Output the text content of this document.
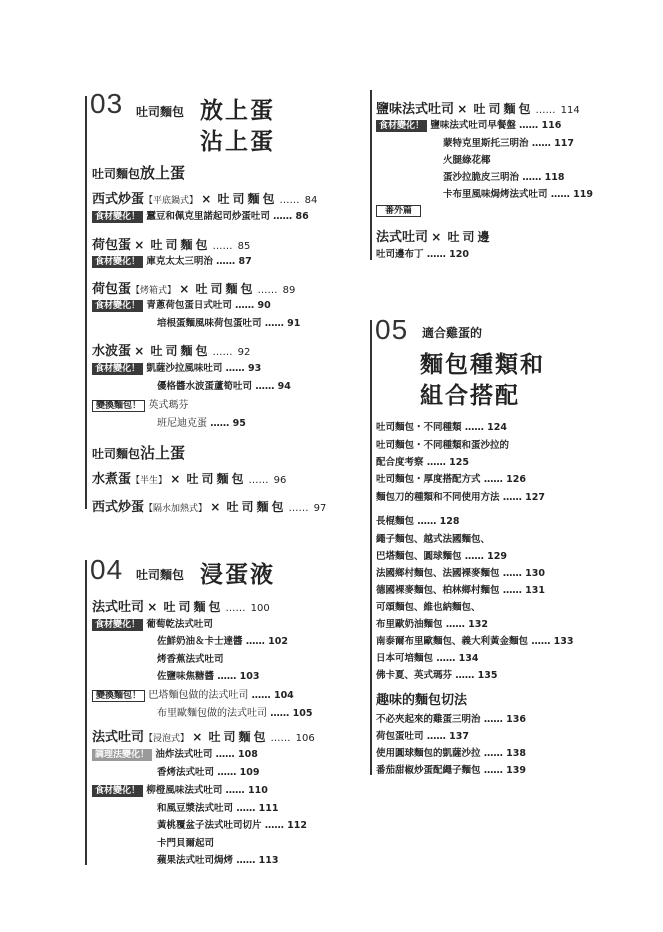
03 吐司麵包 放上蛋
沾上蛋
吐司麵包放上蛋
西式炒蛋【平底鍋式】 × 吐司麵包 …… 84
食材變化！ 蠶豆和佩克里諾起司炒蛋吐司 …… 86
荷包蛋 × 吐司麵包 …… 85
食材變化！ 庫克太太三明治 …… 87
荷包蛋【烤箱式】 × 吐司麵包 …… 89
食材變化！ 青蔥荷包蛋日式吐司 …… 90
培根蛋麵風味荷包蛋吐司 …… 91
水波蛋 × 吐司麵包 …… 92
食材變化！ 凱薩沙拉風味吐司 …… 93
優格醬水波蛋蘆筍吐司 …… 94
變換麵包！ 英式瑪芬
班尼迪克蛋 …… 95
吐司麵包沾上蛋
水煮蛋【半生】 × 吐司麵包 …… 96
西式炒蛋【隔水加熱式】 × 吐司麵包 …… 97
04 吐司麵包 浸蛋液
法式吐司 × 吐司麵包 …… 100
食材變化！ 葡萄乾法式吐司
佐鮮奶油＆卡士達醬 …… 102
烤香蕉法式吐司
佐鹽味焦糖醬 …… 103
變換麵包！ 巴塔麵包做的法式吐司 …… 104
布里歐麵包做的法式吐司 …… 105
法式吐司【浸泡式】 × 吐司麵包 …… 106
調理法變化！ 油炸法式吐司 …… 108
香烤法式吐司 …… 109
食材變化！ 柳橙風味法式吐司 …… 110
和風豆漿法式吐司 …… 111
黃桃覆盆子法式吐司切片 …… 112
卡門貝爾起司
蘋果法式吐司焗烤 …… 113
鹽味法式吐司 × 吐司麵包 …… 114
食材變化！ 鹽味法式吐司早餐盤 …… 116
蒙特克里斯托三明治 …… 117
火腿綠花椰
蛋沙拉脆皮三明治 …… 118
卡布里風味焗烤法式吐司 …… 119
番外篇
法式吐司 × 吐司邊
吐司邊布丁 …… 120
05 適合雞蛋的
麵包種類和
組合搭配
吐司麵包・不同種類 …… 124
吐司麵包・不同種類和蛋沙拉的
配合度考察 …… 125
吐司麵包・厚度搭配方式 …… 126
麵包刀的種類和不同使用方法 …… 127
長棍麵包 …… 128
繩子麵包、越式法國麵包、
巴塔麵包、圓球麵包 …… 129
法國鄉村麵包、法國裸麥麵包 …… 130
德國裸麥麵包、柏林鄉村麵包 …… 131
可頌麵包、維也納麵包、
布里歐奶油麵包 …… 132
南泰爾布里歐麵包、義大利黃金麵包 …… 133
日本可培麵包 …… 134
佛卡夏、英式瑪芬 …… 135
趣味的麵包切法
不必夾起來的雞蛋三明治 …… 136
荷包蛋吐司 …… 137
使用圓球麵包的凱薩沙拉 …… 138
番茄甜椒炒蛋配繩子麵包 …… 139
